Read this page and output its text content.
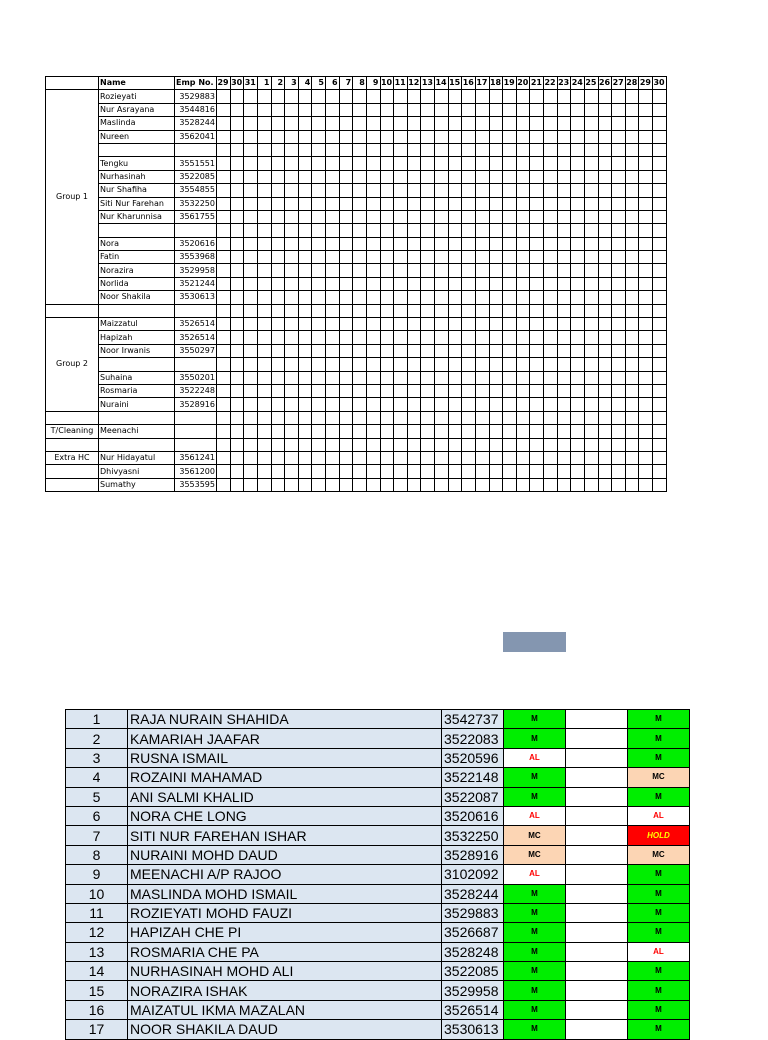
	Name	Emp No.	29	30	31	1	2	3	4	5	6	7	8	9	10	11	12	13	14	15	16	17	18	19	20	21	22	23	24	25	26	27	28	29	30
Group 1	Rozieyati	3529883																																	
	Nur Asrayana	3544816																																	
	Maslinda	3528244																																	
	Nureen	3562041																																	

	Tengku	3551551																																	
	Nurhasinah	3522085																																	
	Nur Shafiha	3554855																																	
	Siti Nur Farehan	3532250																																	
	Nur Kharunnisa	3561755																																	

	Nora	3520616																																	
	Fatin	3553968																																	
	Norazira	3529958																																	
	Norlida	3521244																																	
	Noor Shakila	3530613																																	

Group 2	Maizzatul	3526514																																	
	Hapizah	3526514																																	
	Noor Irwanis	3550297																																	

	Suhaina	3550201																																	
	Rosmaria	3522248																																	
	Nuraini	3528916																																	

T/Cleaning	Meenachi																																		

Extra HC	Nur Hidayatul	3561241																																	
	Dhivyasni	3561200																																	
	Sumathy	3553595																																	
1	RAJA NURAIN SHAHIDA	3542737	M		M
2	KAMARIAH JAAFAR	3522083	M		M
3	RUSNA ISMAIL	3520596	AL		M
4	ROZAINI MAHAMAD	3522148	M		MC
5	ANI SALMI KHALID	3522087	M		M
6	NORA CHE LONG	3520616	AL		AL
7	SITI NUR FAREHAN ISHAR	3532250	MC		HOLD
8	NURAINI MOHD DAUD	3528916	MC		MC
9	MEENACHI A/P RAJOO	3102092	AL		M
10	MASLINDA MOHD ISMAIL	3528244	M		M
11	ROZIEYATI MOHD FAUZI	3529883	M		M
12	HAPIZAH CHE PI	3526687	M		M
13	ROSMARIA CHE PA	3528248	M		AL
14	NURHASINAH MOHD ALI	3522085	M		M
15	NORAZIRA ISHAK	3529958	M		M
16	MAIZATUL IKMA MAZALAN	3526514	M		M
17	NOOR SHAKILA DAUD	3530613	M		M
